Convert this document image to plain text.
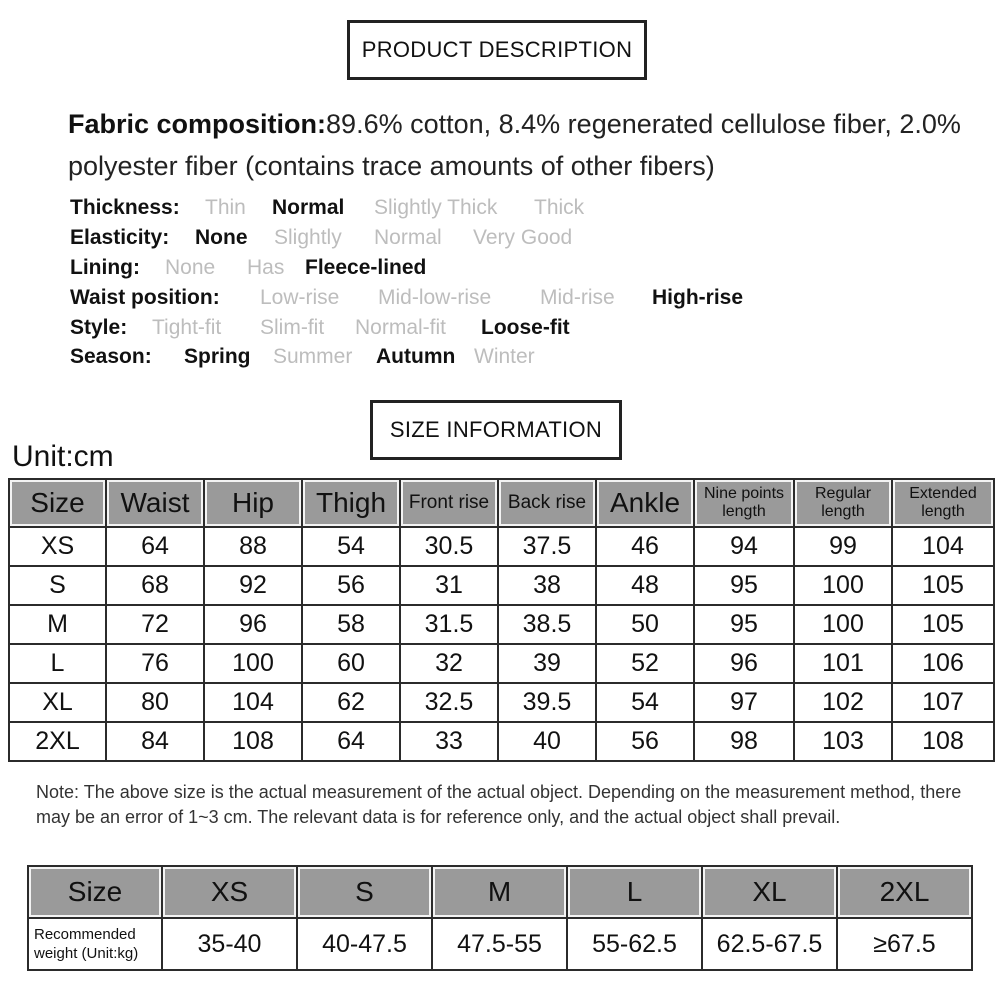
PRODUCT DESCRIPTION
Fabric composition:89.6% cotton, 8.4% regenerated cellulose fiber, 2.0% polyester fiber (contains trace amounts of other fibers)
Thickness: Thin Normal Slightly Thick Thick
Elasticity: None Slightly Normal Very Good
Lining: None Has Fleece-lined
Waist position: Low-rise Mid-low-rise Mid-rise High-rise
Style: Tight-fit Slim-fit Normal-fit Loose-fit
Season: Spring Summer Autumn Winter
SIZE INFORMATION
Unit:cm
Size	Waist	Hip	Thigh	Front rise	Back rise	Ankle	Nine points length	Regular length	Extended length
XS	64	88	54	30.5	37.5	46	94	99	104
S	68	92	56	31	38	48	95	100	105
M	72	96	58	31.5	38.5	50	95	100	105
L	76	100	60	32	39	52	96	101	106
XL	80	104	62	32.5	39.5	54	97	102	107
2XL	84	108	64	33	40	56	98	103	108
Note: The above size is the actual measurement of the actual object. Depending on the measurement method, there may be an error of 1~3 cm. The relevant data is for reference only, and the actual object shall prevail.
Size	XS	S	M	L	XL	2XL
Recommended weight (Unit:kg)	35-40	40-47.5	47.5-55	55-62.5	62.5-67.5	≥67.5
